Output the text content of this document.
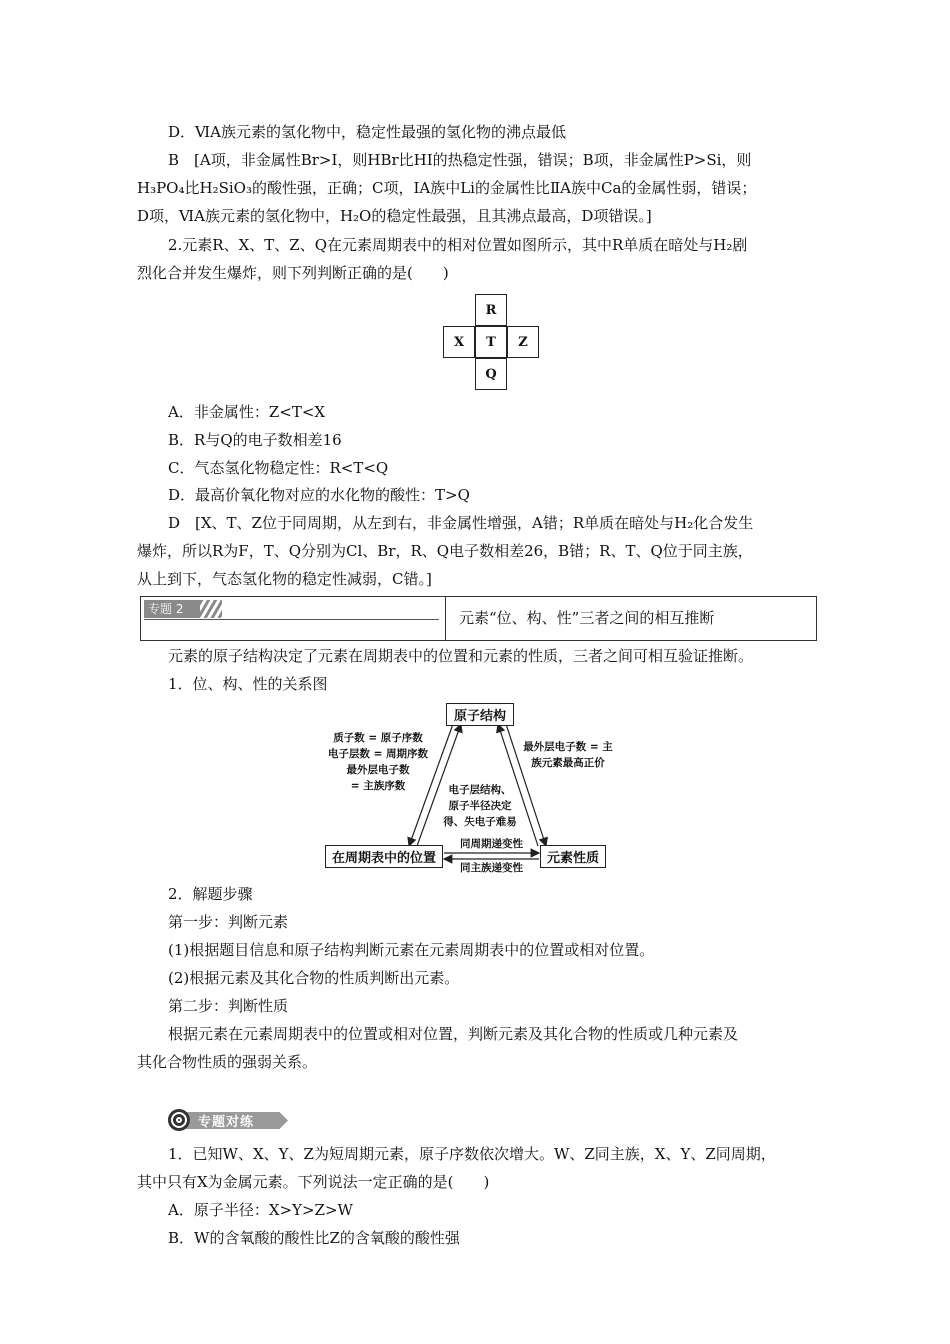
D．ⅥA族元素的氢化物中，稳定性最强的氢化物的沸点最低
B　[A项，非金属性Br>I，则HBr比HI的热稳定性强，错误；B项，非金属性P>Si，则
H₃PO₄比H₂SiO₃的酸性强，正确；C项，ⅠA族中Li的金属性比ⅡA族中Ca的金属性弱，错误；
D项，ⅥA族元素的氢化物中，H₂O的稳定性最强，且其沸点最高，D项错误。]
2.元素R、X、T、Z、Q在元素周期表中的相对位置如图所示，其中R单质在暗处与H₂剧
烈化合并发生爆炸，则下列判断正确的是(　　)
R
X	T	Z
Q
A．非金属性：Z<T<X
B．R与Q的电子数相差16
C．气态氢化物稳定性：R<T<Q
D．最高价氧化物对应的水化物的酸性：T>Q
D　[X、T、Z位于同周期，从左到右，非金属性增强，A错；R单质在暗处与H₂化合发生
爆炸，所以R为F，T、Q分别为Cl、Br，R、Q电子数相差26，B错；R、T、Q位于同主族，
从上到下，气态氢化物的稳定性减弱，C错。]
专题 2	元素“位、构、性”三者之间的相互推断
元素的原子结构决定了元素在周期表中的位置和元素的性质，三者之间可相互验证推断。
1．位、构、性的关系图
原子结构
在周期表中的位置	元素性质
质子数 = 原子序数
电子层数 = 周期序数
最外层电子数
= 主族序数
最外层电子数 = 主
族元素最高正价
电子层结构、
原子半径决定
得、失电子难易
同周期递变性
同主族递变性
2．解题步骤
第一步：判断元素
(1)根据题目信息和原子结构判断元素在元素周期表中的位置或相对位置。
(2)根据元素及其化合物的性质判断出元素。
第二步：判断性质
根据元素在元素周期表中的位置或相对位置，判断元素及其化合物的性质或几种元素及
其化合物性质的强弱关系。
专题对练
1．已知W、X、Y、Z为短周期元素，原子序数依次增大。W、Z同主族，X、Y、Z同周期，
其中只有X为金属元素。下列说法一定正确的是(　　)
A．原子半径：X>Y>Z>W
B．W的含氧酸的酸性比Z的含氧酸的酸性强
